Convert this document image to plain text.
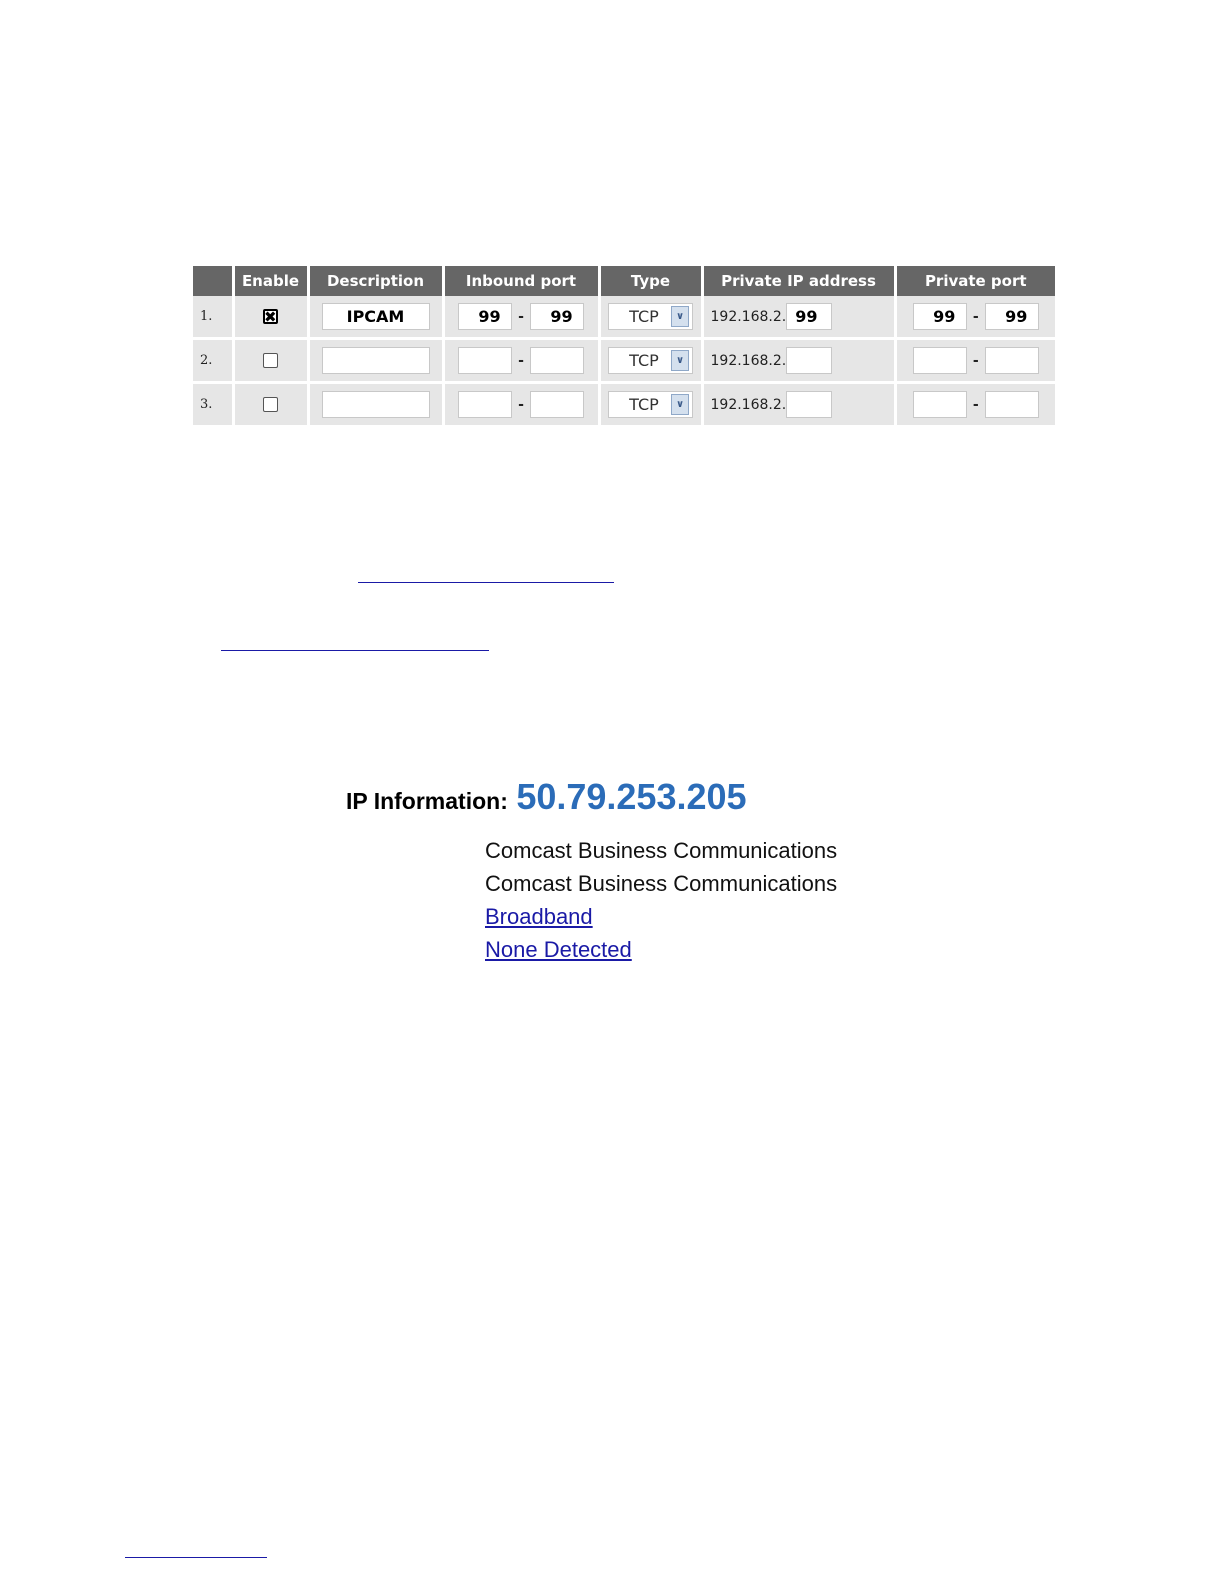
	Enable	Description	Inbound port	Type	Private IP address	Private port
1.	✖	IPCAM	99 - 99	TCP ∨	192.168.2. 99	99 - 99
2.			-	TCP ∨	192.168.2.	-
3.			-	TCP ∨	192.168.2.	-
IP Information: 50.79.253.205
Comcast Business Communications
Comcast Business Communications
Broadband
None Detected
